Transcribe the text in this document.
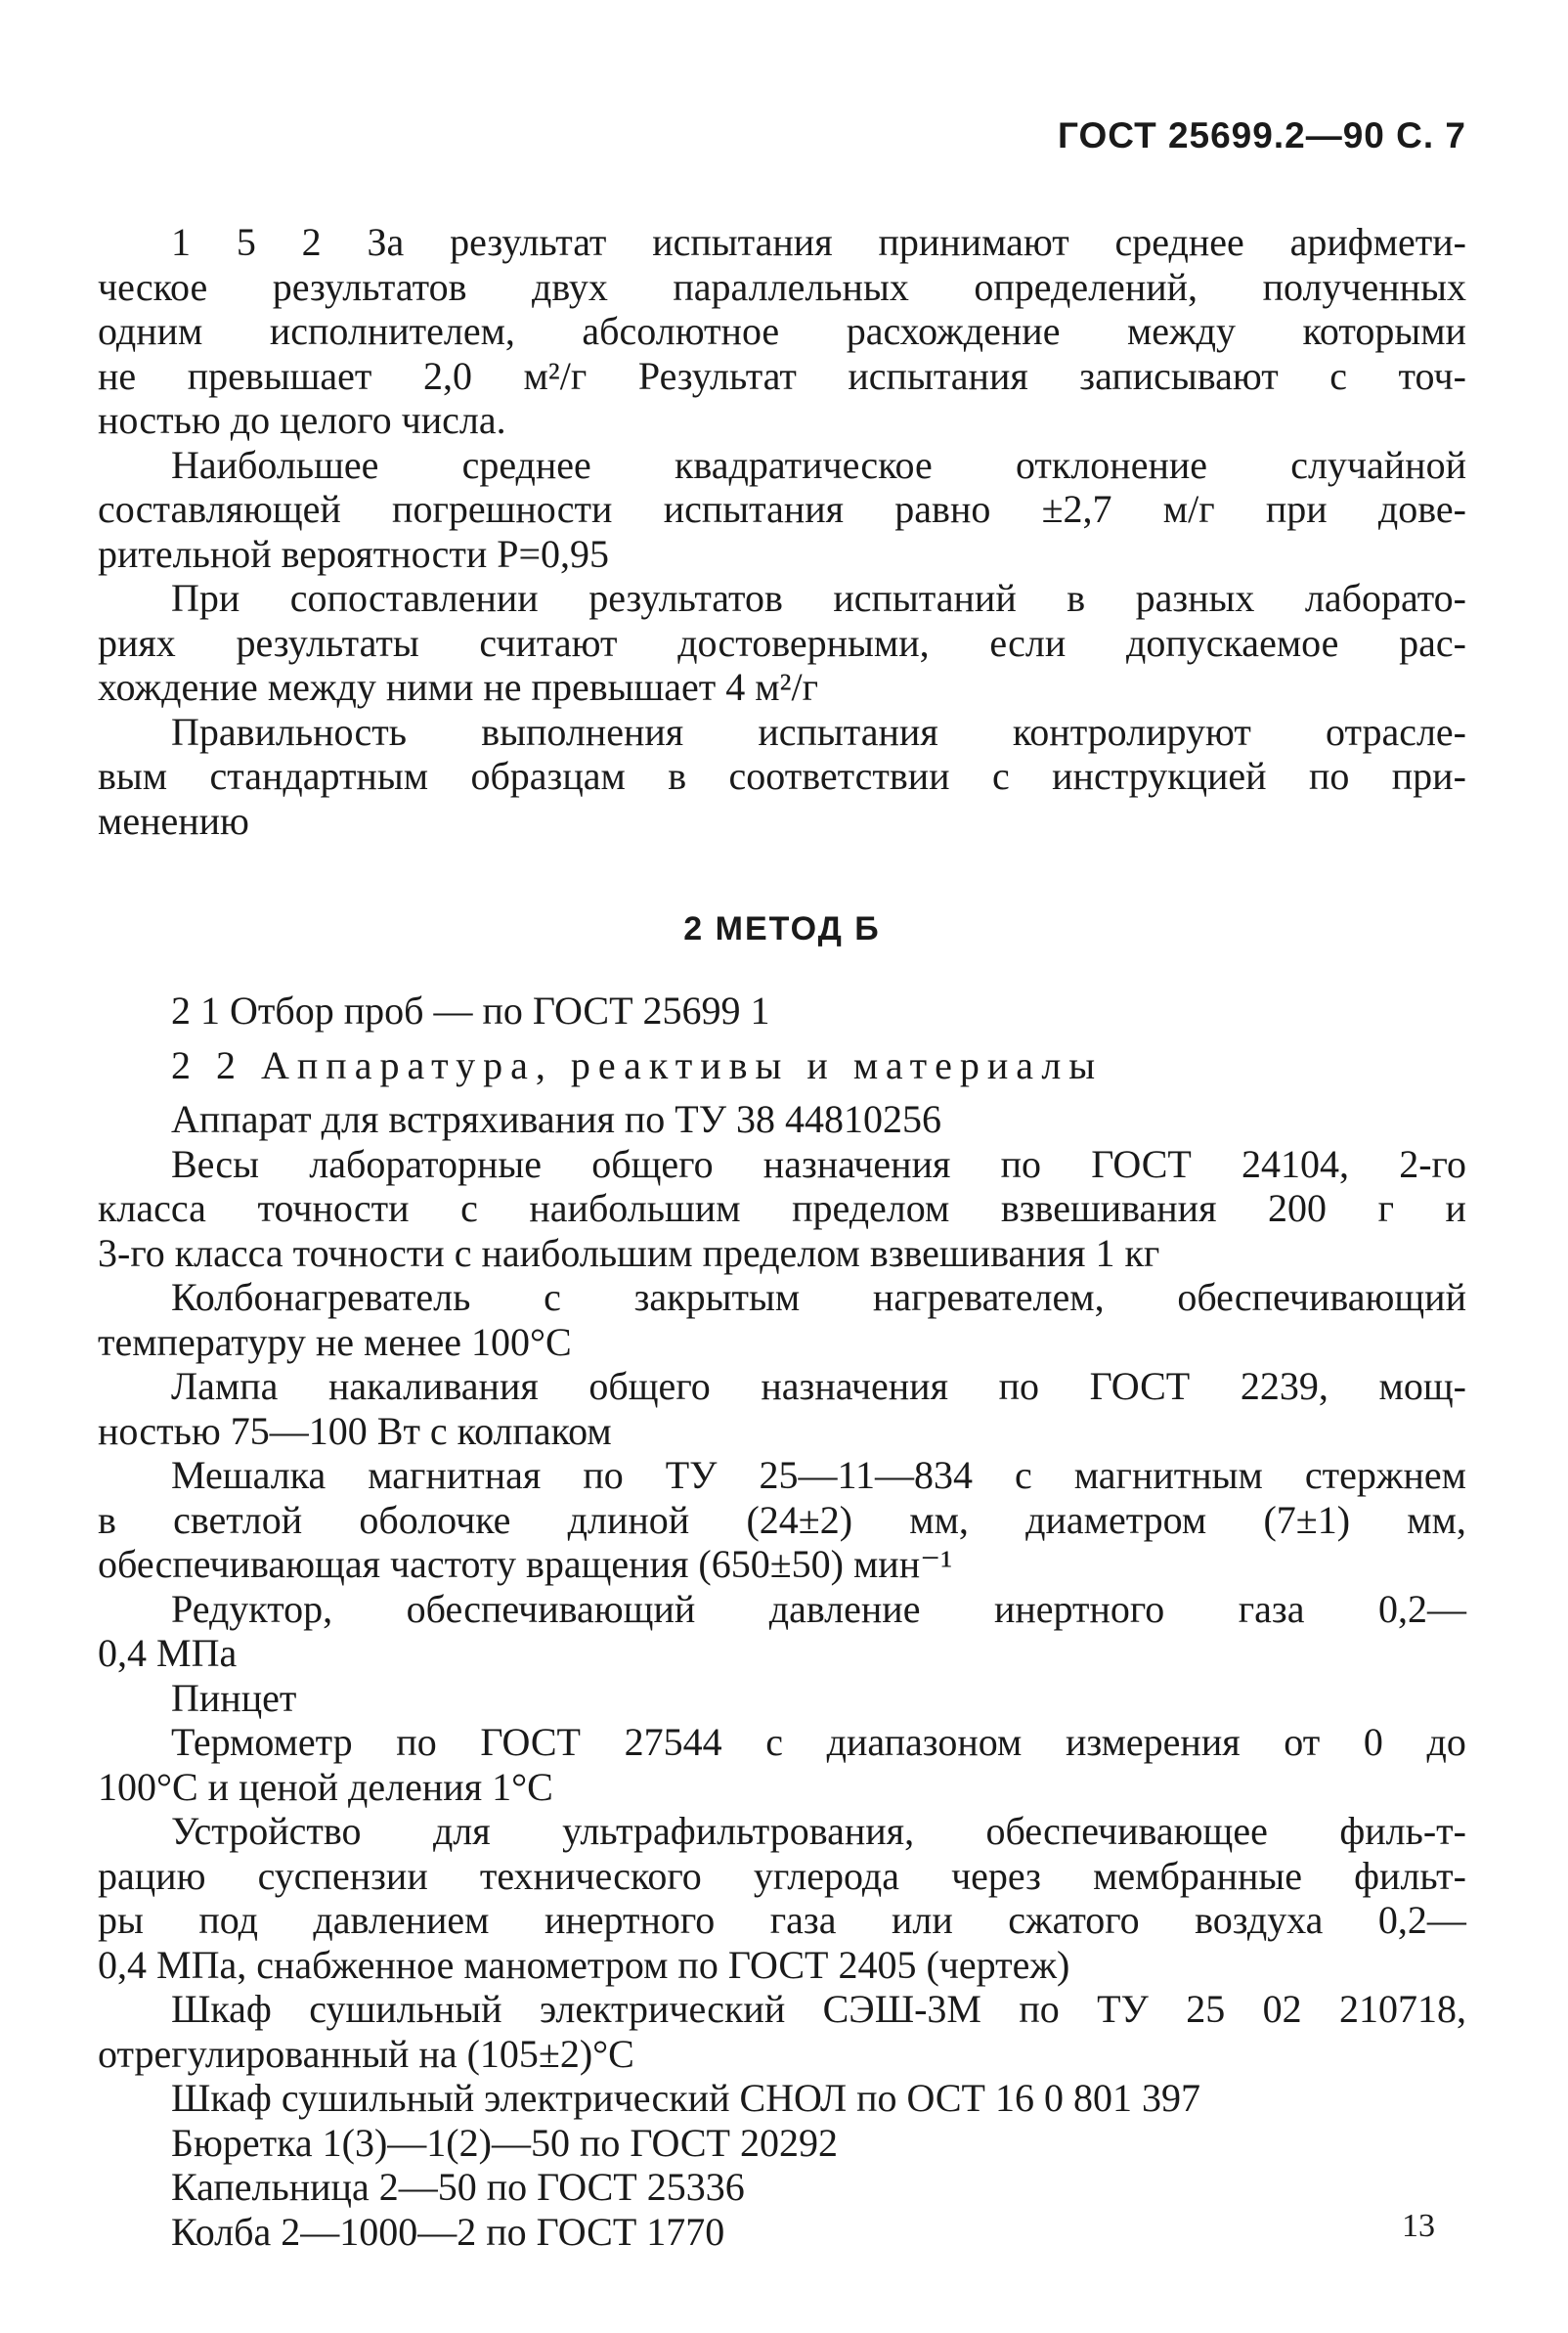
ГОСТ 25699.2—90 С. 7
1 5 2 За результат испытания принимают среднее арифмети-
ческое результатов двух параллельных определений, полученных
одним исполнителем, абсолютное расхождение между которыми
не превышает 2,0 м²/г Результат испытания записывают с точ-
ностью до целого числа.
Наибольшее среднее квадратическое отклонение случайной
составляющей погрешности испытания равно ±2,7 м/г при дове-
рительной вероятности P=0,95
При сопоставлении результатов испытаний в разных лаборато-
риях результаты считают достоверными, если допускаемое рас-
хождение между ними не превышает 4 м²/г
Правильность выполнения испытания контролируют отрасле-
вым стандартным образцам в соответствии с инструкцией по при-
менению
2 МЕТОД Б
2 1 Отбор проб — по ГОСТ 25699 1
2 2 Аппаратура, реактивы и материалы
Аппарат для встряхивания по ТУ 38 44810256
Весы лабораторные общего назначения по ГОСТ 24104, 2-го
класса точности с наибольшим пределом взвешивания 200 г и
3-го класса точности с наибольшим пределом взвешивания 1 кг
Колбонагреватель с закрытым нагревателем, обеспечивающий
температуру не менее 100°С
Лампа накаливания общего назначения по ГОСТ 2239, мощ-
ностью 75—100 Вт с колпаком
Мешалка магнитная по ТУ 25—11—834 с магнитным стержнем
в светлой оболочке длиной (24±2) мм, диаметром (7±1) мм,
обеспечивающая частоту вращения (650±50) мин⁻¹
Редуктор, обеспечивающий давление инертного газа 0,2—
0,4 МПа
Пинцет
Термометр по ГОСТ 27544 с диапазоном измерения от 0 до
100°С и ценой деления 1°С
Устройство для ультрафильтрования, обеспечивающее филь-т-
рацию суспензии технического углерода через мембранные фильт-
ры под давлением инертного газа или сжатого воздуха 0,2—
0,4 МПа, снабженное манометром по ГОСТ 2405 (чертеж)
Шкаф сушильный электрический СЭШ-3М по ТУ 25 02 210718,
отрегулированный на (105±2)°С
Шкаф сушильный электрический СНОЛ по ОСТ 16 0 801 397
Бюретка 1(3)—1(2)—50 по ГОСТ 20292
Капельница 2—50 по ГОСТ 25336
Колба 2—1000—2 по ГОСТ 1770	13
